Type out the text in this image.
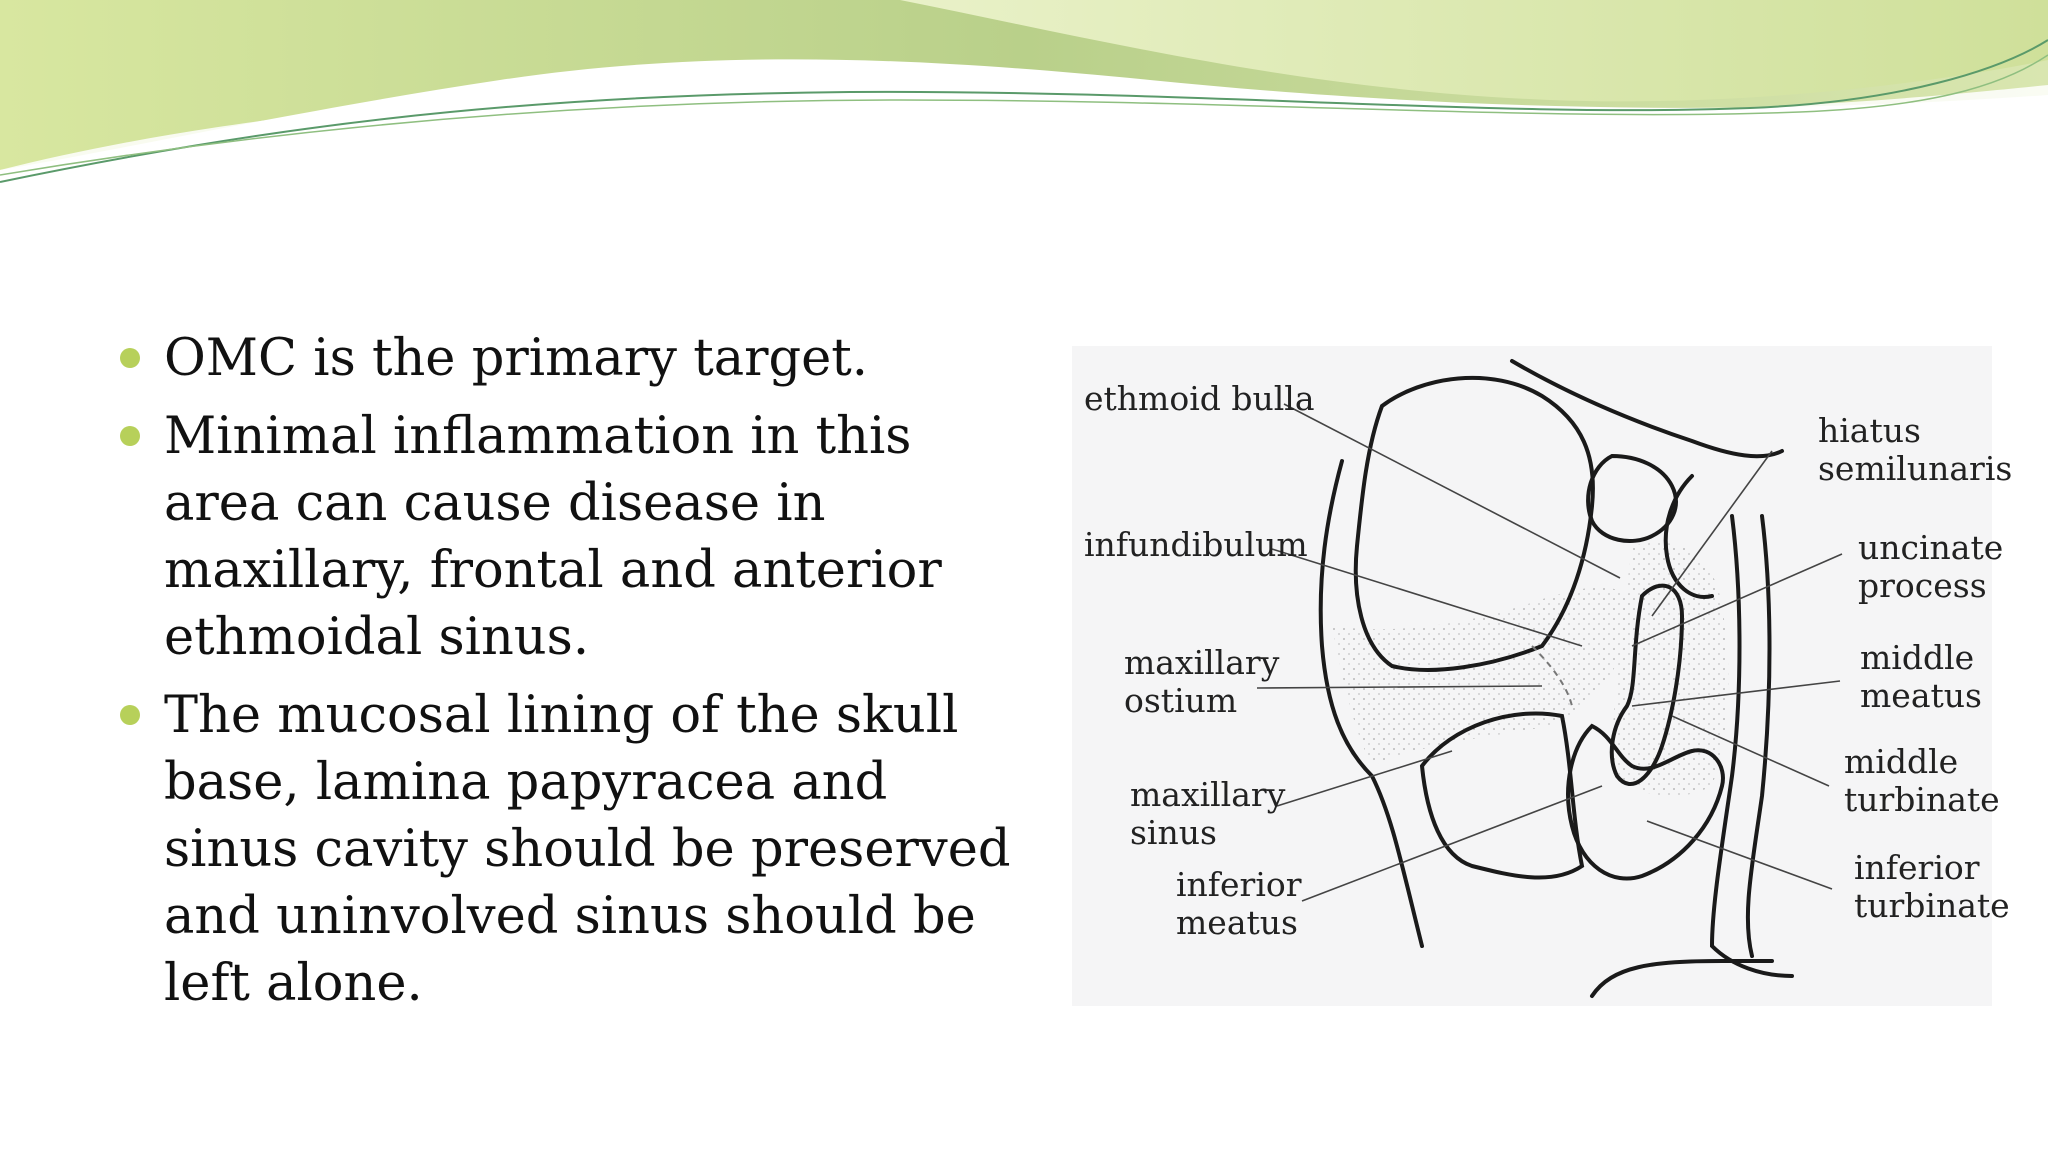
OMC is the primary target.
Minimal inflammation in this area can cause disease in maxillary, frontal and anterior ethmoidal sinus.
The mucosal lining of the skull base, lamina papyracea and sinus cavity should be preserved and uninvolved sinus should be left alone.
ethmoid bulla
infundibulum
maxillary ostium
maxillary sinus
inferior meatus
hiatus semilunaris
uncinate process
middle meatus
middle turbinate
inferior turbinate
